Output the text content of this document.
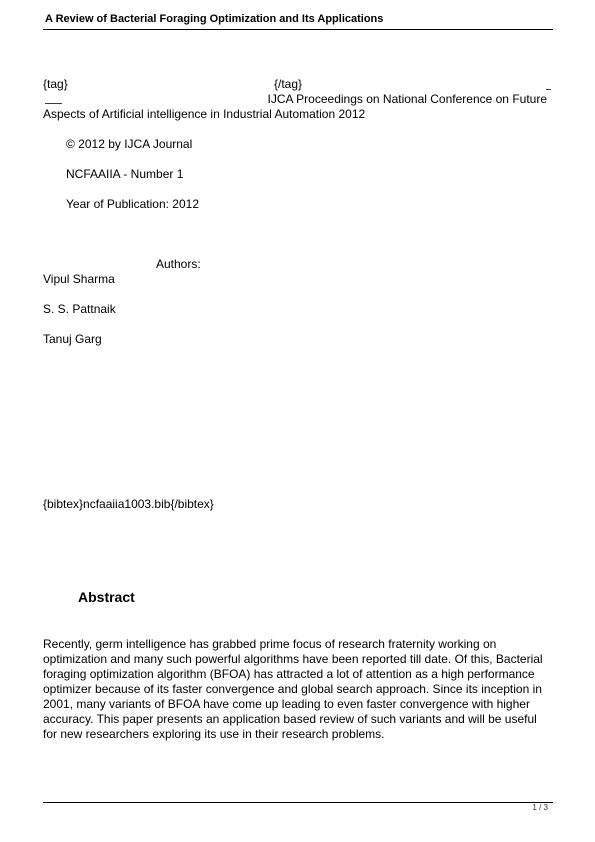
A Review of Bacterial Foraging Optimization and Its Applications
{tag}	{/tag}
IJCA Proceedings on National Conference on Future
Aspects of Artificial intelligence in Industrial Automation 2012
© 2012 by IJCA Journal
NCFAAIIA - Number 1
Year of Publication: 2012
Authors:
Vipul Sharma
S. S. Pattnaik
Tanuj Garg
{bibtex}ncfaaiia1003.bib{/bibtex}
Abstract
Recently, germ intelligence has grabbed prime focus of research fraternity working on
optimization and many such powerful algorithms have been reported till date. Of this, Bacterial
foraging optimization algorithm (BFOA) has attracted a lot of attention as a high performance
optimizer because of its faster convergence and global search approach. Since its inception in
2001, many variants of BFOA have come up leading to even faster convergence with higher
accuracy. This paper presents an application based review of such variants and will be useful
for new researchers exploring its use in their research problems.
1 / 3
